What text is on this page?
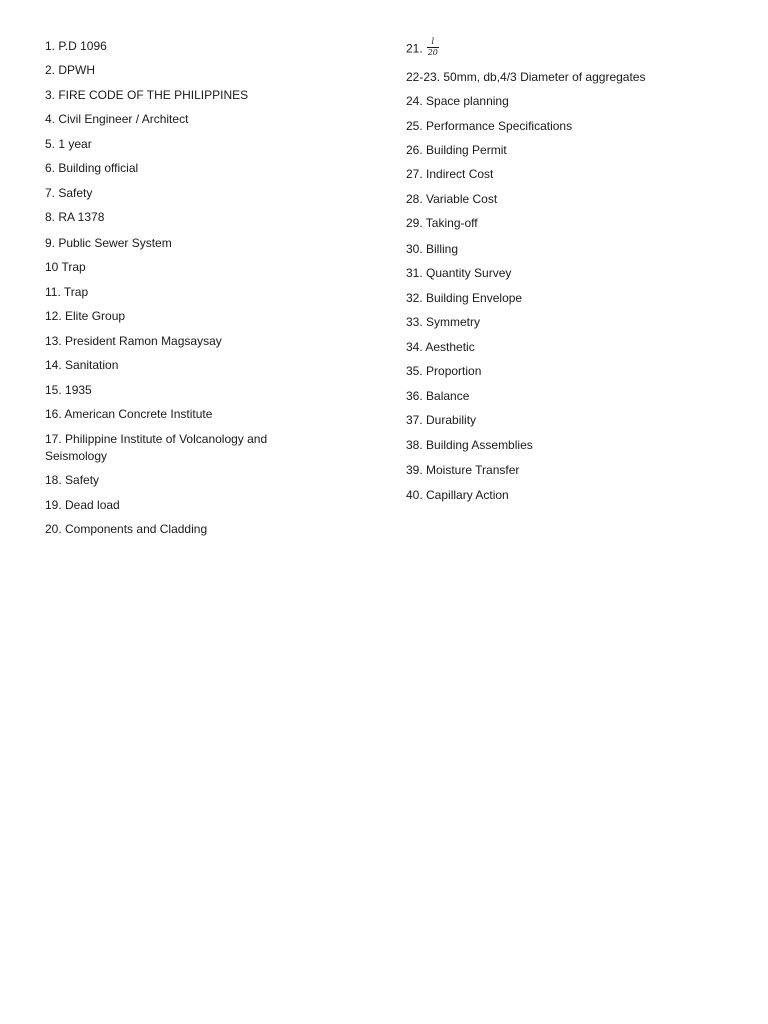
1. P.D 1096
2. DPWH
3. FIRE CODE OF THE PHILIPPINES
4. Civil Engineer / Architect
5. 1 year
6. Building official
7. Safety
8. RA 1378
9. Public Sewer System
10 Trap
11. Trap
12. Elite Group
13. President Ramon Magsaysay
14. Sanitation
15. 1935
16. American Concrete Institute
17. Philippine Institute of Volcanology and Seismology
18. Safety
19. Dead load
20. Components and Cladding
21. $\frac{l}{20}$
22-23. 50mm, db,4/3 Diameter of aggregates
24. Space planning
25. Performance Specifications
26. Building Permit
27. Indirect Cost
28. Variable Cost
29. Taking-off
30. Billing
31. Quantity Survey
32. Building Envelope
33. Symmetry
34. Aesthetic
35. Proportion
36. Balance
37. Durability
38. Building Assemblies
39. Moisture Transfer
40. Capillary Action
